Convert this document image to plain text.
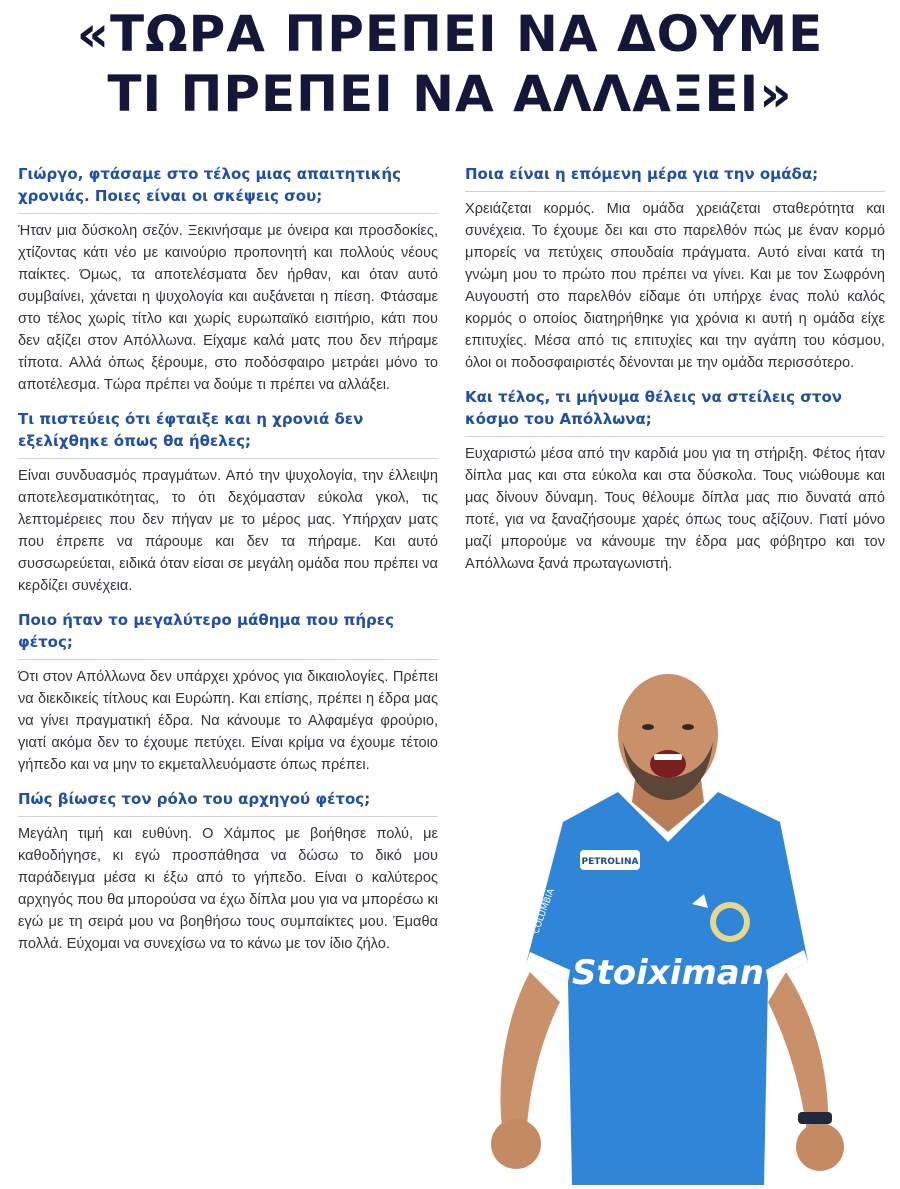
«ΤΩΡΑ ΠΡΕΠΕΙ ΝΑ ΔΟΥΜΕ
ΤΙ ΠΡΕΠΕΙ ΝΑ ΑΛΛΑΞΕΙ»

Γιώργο, φτάσαμε στο τέλος μιας απαιτητικής χρονιάς. Ποιες είναι οι σκέψεις σου;

Ήταν μια δύσκολη σεζόν. Ξεκινήσαμε με όνειρα και προσδοκίες, χτίζοντας κάτι νέο με καινούριο προπονητή και πολλούς νέους παίκτες. Όμως, τα αποτελέσματα δεν ήρθαν, και όταν αυτό συμβαίνει, χάνεται η ψυχολογία και αυξάνεται η πίεση. Φτάσαμε στο τέλος χωρίς τίτλο και χωρίς ευρωπαϊκό εισιτήριο, κάτι που δεν αξίζει στον Απόλλωνα. Είχαμε καλά ματς που δεν πήραμε τίποτα. Αλλά όπως ξέρουμε, στο ποδόσφαιρο μετράει μόνο το αποτέλεσμα. Τώρα πρέπει να δούμε τι πρέπει να αλλάξει.

Τι πιστεύεις ότι έφταιξε και η χρονιά δεν εξελίχθηκε όπως θα ήθελες;

Είναι συνδυασμός πραγμάτων. Από την ψυχολογία, την έλλειψη αποτελεσματικότητας, το ότι δεχόμασταν εύκολα γκολ, τις λεπτομέρειες που δεν πήγαν με το μέρος μας. Υπήρχαν ματς που έπρεπε να πάρουμε και δεν τα πήραμε. Και αυτό συσσωρεύεται, ειδικά όταν είσαι σε μεγάλη ομάδα που πρέπει να κερδίζει συνέχεια.

Ποιο ήταν το μεγαλύτερο μάθημα που πήρες φέτος;

Ότι στον Απόλλωνα δεν υπάρχει χρόνος για δικαιολογίες. Πρέπει να διεκδικείς τίτλους και Ευρώπη. Και επίσης, πρέπει η έδρα μας να γίνει πραγματική έδρα. Να κάνουμε το Αλφαμέγα φρούριο, γιατί ακόμα δεν το έχουμε πετύχει. Είναι κρίμα να έχουμε τέτοιο γήπεδο και να μην το εκμεταλλευόμαστε όπως πρέπει.

Πώς βίωσες τον ρόλο του αρχηγού φέτος;

Μεγάλη τιμή και ευθύνη. Ο Χάμπος με βοήθησε πολύ, με καθοδήγησε, κι εγώ προσπάθησα να δώσω το δικό μου παράδειγμα μέσα κι έξω από το γήπεδο. Είναι ο καλύτερος αρχηγός που θα μπορούσα να έχω δίπλα μου για να μπορέσω κι εγώ με τη σειρά μου να βοηθήσω τους συμπαίκτες μου. Έμαθα πολλά. Εύχομαι να συνεχίσω να το κάνω με τον ίδιο ζήλο.

Ποια είναι η επόμενη μέρα για την ομάδα;

Χρειάζεται κορμός. Μια ομάδα χρειάζεται σταθερότητα και συνέχεια. Το έχουμε δει και στο παρελθόν πώς με έναν κορμό μπορείς να πετύχεις σπουδαία πράγματα. Αυτό είναι κατά τη γνώμη μου το πρώτο που πρέπει να γίνει. Και με τον Σωφρόνη Αυγουστή στο παρελθόν είδαμε ότι υπήρχε ένας πολύ καλός κορμός ο οποίος διατηρήθηκε για χρόνια κι αυτή η ομάδα είχε επιτυχίες. Μέσα από τις επιτυχίες και την αγάπη του κόσμου, όλοι οι ποδοσφαιριστές δένονται με την ομάδα περισσότερο.

Και τέλος, τι μήνυμα θέλεις να στείλεις στον κόσμο του Απόλλωνα;

Ευχαριστώ μέσα από την καρδιά μου για τη στήριξη. Φέτος ήταν δίπλα μας και στα εύκολα και στα δύσκολα. Τους νιώθουμε και μας δίνουν δύναμη. Τους θέλουμε δίπλα μας πιο δυνατά από ποτέ, για να ξαναζήσουμε χαρές όπως τους αξίζουν. Γιατί μόνο μαζί μπορούμε να κάνουμε την έδρα μας φόβητρο και τον Απόλλωνα ξανά πρωταγωνιστή.

PETROLINA
Stoiximan
COLUMBIA
